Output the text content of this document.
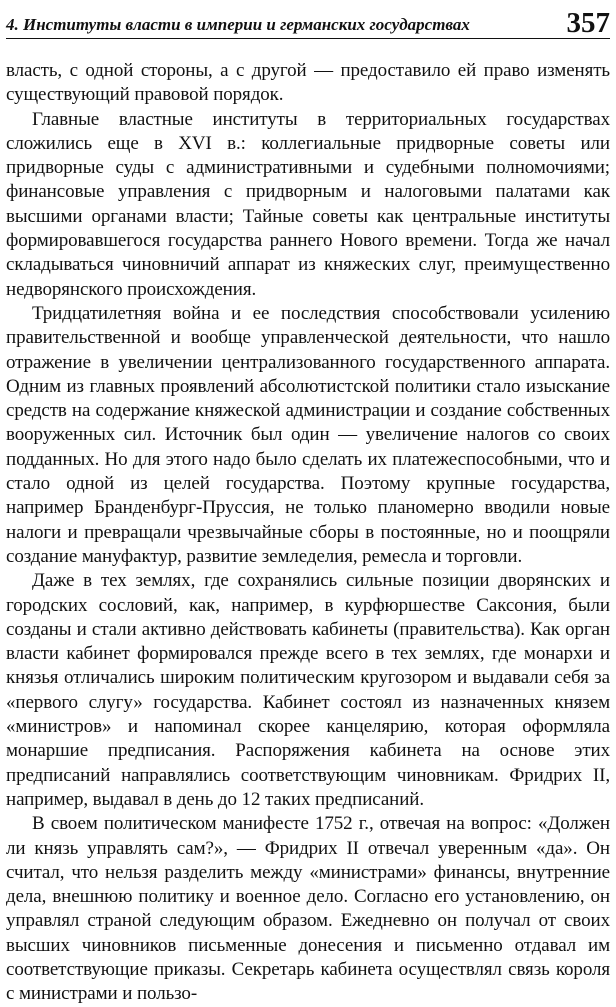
4. Институты власти в империи и германских государствах	357

власть, с одной стороны, а с другой — предоставило ей право изменять существующий правовой порядок.

Главные властные институты в территориальных государствах сложились еще в XVI в.: коллегиальные придворные советы или придворные суды с административными и судебными полномочиями; финансовые управления с придворным и налоговыми палатами как высшими органами власти; Тайные советы как центральные институты формировавшегося государства раннего Нового времени. Тогда же начал складываться чиновничий аппарат из княжеских слуг, преимущественно недворянского происхождения.

Тридцатилетняя война и ее последствия способствовали усилению правительственной и вообще управленческой деятельности, что нашло отражение в увеличении централизованного государственного аппарата. Одним из главных проявлений абсолютистской политики стало изыскание средств на содержание княжеской администрации и создание собственных вооруженных сил. Источник был один — увеличение налогов со своих подданных. Но для этого надо было сделать их платежеспособными, что и стало одной из целей государства. Поэтому крупные государства, например Бранденбург-Пруссия, не только планомерно вводили новые налоги и превращали чрезвычайные сборы в постоянные, но и поощряли создание мануфактур, развитие земледелия, ремесла и торговли.

Даже в тех землях, где сохранялись сильные позиции дворянских и городских сословий, как, например, в курфюршестве Саксония, были созданы и стали активно действовать кабинеты (правительства). Как орган власти кабинет формировался прежде всего в тех землях, где монархи и князья отличались широким политическим кругозором и выдавали себя за «первого слугу» государства. Кабинет состоял из назначенных князем «министров» и напоминал скорее канцелярию, которая оформляла монаршие предписания. Распоряжения кабинета на основе этих предписаний направлялись соответствующим чиновникам. Фридрих II, например, выдавал в день до 12 таких предписаний.

В своем политическом манифесте 1752 г., отвечая на вопрос: «Должен ли князь управлять сам?», — Фридрих II отвечал уверенным «да». Он считал, что нельзя разделить между «министрами» финансы, внутренние дела, внешнюю политику и военное дело. Согласно его установлению, он управлял страной следующим образом. Ежедневно он получал от своих высших чиновников письменные донесения и письменно отдавал им соответствующие приказы. Секретарь кабинета осуществлял связь короля с министрами и пользо-
